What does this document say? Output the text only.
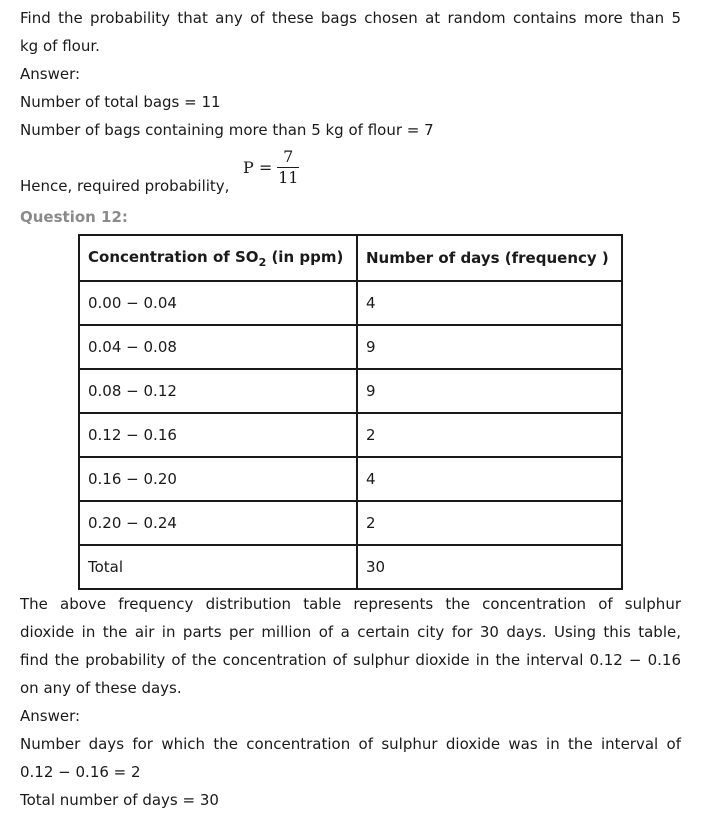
Find the probability that any of these bags chosen at random contains more than 5

kg of flour.

Answer:

Number of total bags = 11

Number of bags containing more than 5 kg of flour = 7

Hence, required probability,
$P = \frac{7}{11}$

Question 12:

Concentration of $SO_2$ (in ppm)	Number of days (frequency )
0.00 − 0.04	4
0.04 − 0.08	9
0.08 − 0.12	9
0.12 − 0.16	2
0.16 − 0.20	4
0.20 − 0.24	2
Total	30

The above frequency distribution table represents the concentration of sulphur

dioxide in the air in parts per million of a certain city for 30 days. Using this table,

find the probability of the concentration of sulphur dioxide in the interval 0.12 − 0.16

on any of these days.

Answer:

Number days for which the concentration of sulphur dioxide was in the interval of

0.12 − 0.16 = 2

Total number of days = 30
